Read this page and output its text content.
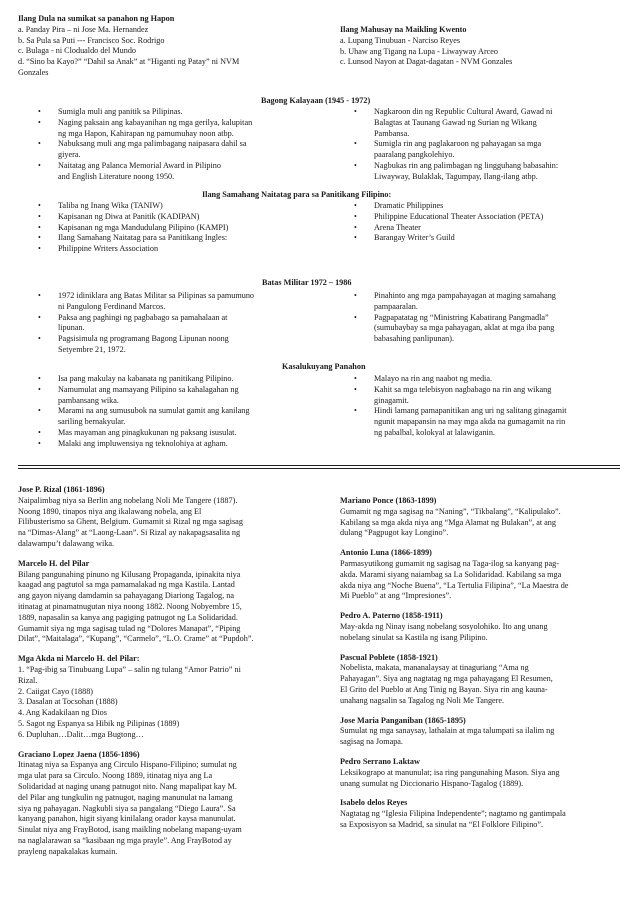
Ilang Dula na sumikat sa panahon ng Hapon
a. Panday Pira – ni Jose Ma. Hernandez
b. Sa Pula sa Puti --- Francisco Soc. Rodrigo
c. Bulaga - ni Clodualdo del Mundo
d. “Sino ba Kayo?” “Dahil sa Anak” at “Higanti ng Patay” ni NVM
Gonzales
Ilang Mahusay na Maikling Kwento
a. Lupang Tinubuan - Narciso Reyes
b. Uhaw ang Tigang na Lupa - Liwayway Arceo
c. Lunsod Nayon at Dagat-dagatan - NVM Gonzales
Bagong Kalayaan (1945 - 1972)
• Sumigla muli ang panitik sa Pilipinas.
• Naging paksain ang kabayanihan ng mga gerilya, kalupitan
ng mga Hapon, Kahirapan ng pamumuhay noon atbp.
• Nabuksang muli ang mga palimbagang naipasara dahil sa
giyera.
• Naitatag ang Palanca Memorial Award in Pilipino
and English Literature noong 1950.
• Nagkaroon din ng Republic Cultural Award, Gawad ni
Balagtas at Taunang Gawad ng Surian ng Wikang
Pambansa.
• Sumigla rin ang paglakaroon ng pahayagan sa mga
paaralang pangkolehiyo.
• Nagbukas rin ang palimbagan ng lingguhang babasahin:
Liwayway, Bulaklak, Tagumpay, Ilang-ilang atbp.
Ilang Samahang Naitatag para sa Panitikang Filipino:
• Taliba ng Inang Wika (TANIW)
• Kapisanan ng Diwa at Panitik (KADIPAN)
• Kapisanan ng mga Mandudulang Pilipino (KAMPI)
• Ilang Samahang Naitatag para sa Panitikang Ingles:
• Philippine Writers Association
• Dramatic Philippines
• Philippine Educational Theater Association (PETA)
• Arena Theater
• Barangay Writer’s Guild
Batas Militar 1972 – 1986
• 1972 idiniklara ang Batas Militar sa Pilipinas sa pamumuno
ni Pangulong Ferdinand Marcos.
• Paksa ang paghingi ng pagbabago sa pamahalaan at
lipunan.
• Pagsisimula ng programang Bagong Lipunan noong
Setyembre 21, 1972.
• Pinahinto ang mga pampahayagan at maging samahang
pampaaralan.
• Pagpapatatag ng “Ministring Kabatirang Pangmadla”
(sumubaybay sa mga pahayagan, aklat at mga iba pang
babasahing panlipunan).
Kasalukuyang Panahon
• Isa pang makulay na kabanata ng panitikang Pilipino.
• Namumulat ang mamayang Pilipino sa kahalagahan ng
pambansang wika.
• Marami na ang sumusubok na sumulat gamit ang kanilang
sariling bernakyular.
• Mas mayaman ang pinagkukunan ng paksang isusulat.
• Malaki ang impluwensiya ng teknolohiya at agham.
• Malayo na rin ang naabot ng media.
• Kahit sa mga telebisyon nagbabago na rin ang wikang
ginagamit.
• Hindi lamang pamapanitikan ang uri ng salitang ginagamit
ngunit mapapansin na may mga akda na gumagamit na rin
ng pabalbal, kolokyal at lalawiganin.
Jose P. Rizal (1861-1896)
Naipalimbag niya sa Berlin ang nobelang Noli Me Tangere (1887).
Noong 1890, tinapos niya ang ikalawang nobela, ang El
Filibusterismo sa Ghent, Belgium. Gumamit si Rizal ng mga sagisag
na “Dimas-Alang” at “Laong-Laan”. Si Rizal ay nakapagsasalita ng
dalawampu’t dalawang wika.
Marcelo H. del Pilar
Bilang pangunahing pinuno ng Kilusang Propaganda, ipinakita niya
kaagad ang pagtutol sa mga pamamalakad ng mga Kastila. Lantad
ang gayon niyang damdamin sa pahayagang Diariong Tagalog, na
itinatag at pinamatnugutan niya noong 1882. Noong Nobyembre 15,
1889, napasalin sa kanya ang pagiging patnugot ng La Solidaridad.
Gumamit siya ng mga sagisag tulad ng “Dolores Manapat”, “Piping
Dilat”, “Maitalaga”, “Kupang”, “Carmelo”, “L.O. Crame” at “Pupdoh”.
Mga Akda ni Marcelo H. del Pilar:
1. “Pag-ibig sa Tinubuang Lupa” – salin ng tulang “Amor Patrio” ni
Rizal.
2. Caiigat Cayo (1888)
3. Dasalan at Tocsohan (1888)
4. Ang Kadakilaan ng Dios
5. Sagot ng Espanya sa Hibik ng Pilipinas (1889)
6. Dupluhan…Dalit…mga Bugtong…
Graciano Lopez Jaena (1856-1896)
Itinatag niya sa Espanya ang Circulo Hispano-Filipino; sumulat ng
mga ulat para sa Circulo. Noong 1889, itinatag niya ang La
Solidaridad at naging unang patnugot nito. Nang mapalipat kay M.
del Pilar ang tungkulin ng patnugot, naging manunulat na lamang
siya ng pahayagan. Nagkubli siya sa pangalang “Diego Laura”. Sa
kanyang panahon, higit siyang kinilalang orador kaysa manunulat.
Sinulat niya ang FrayBotod, isang maikling nobelang mapang-uyam
na naglalarawan sa “kasibaan ng mga prayle”. Ang FrayBotod ay
prayleng napakalakas kumain.
Mariano Ponce (1863-1899)
Gumamit ng mga sagisag na “Naning”, “Tikbalang”, “Kalipulako”.
Kabilang sa mga akda niya ang “Mga Alamat ng Bulakan”, at ang
dulang “Pagpugot kay Longino”.
Antonio Luna (1866-1899)
Parmasyutikong gumamit ng sagisag na Taga-ilog sa kanyang pag-
akda. Marami siyang naiambag sa La Solidaridad. Kabilang sa mga
akda niya ang “Noche Buena”, “La Tertulia Filipina”, “La Maestra de
Mi Pueblo” at ang “Impresiones”.
Pedro A. Paterno (1858-1911)
May-akda ng Ninay isang nobelang sosyolohiko. Ito ang unang
nobelang sinulat sa Kastila ng isang Pilipino.
Pascual Poblete (1858-1921)
Nobelista, makata, mananalaysay at tinaguriang “Ama ng
Pahayagan”. Siya ang nagtatag ng mga pahayagang El Resumen,
El Grito del Pueblo at Ang Tinig ng Bayan. Siya rin ang kauna-
unahang nagsalin sa Tagalog ng Noli Me Tangere.
Jose Maria Panganiban (1865-1895)
Sumulat ng mga sanaysay, lathalain at mga talumpati sa ilalim ng
sagisag na Jomapa.
Pedro Serrano Laktaw
Leksikograpo at manunulat; isa ring pangunahing Mason. Siya ang
unang sumulat ng Diccionario Hispano-Tagalog (1889).
Isabelo delos Reyes
Nagtatag ng “Iglesia Filipina Independente”; nagtamo ng gantimpala
sa Exposisyon sa Madrid, sa sinulat na “El Folklore Filipino”.
